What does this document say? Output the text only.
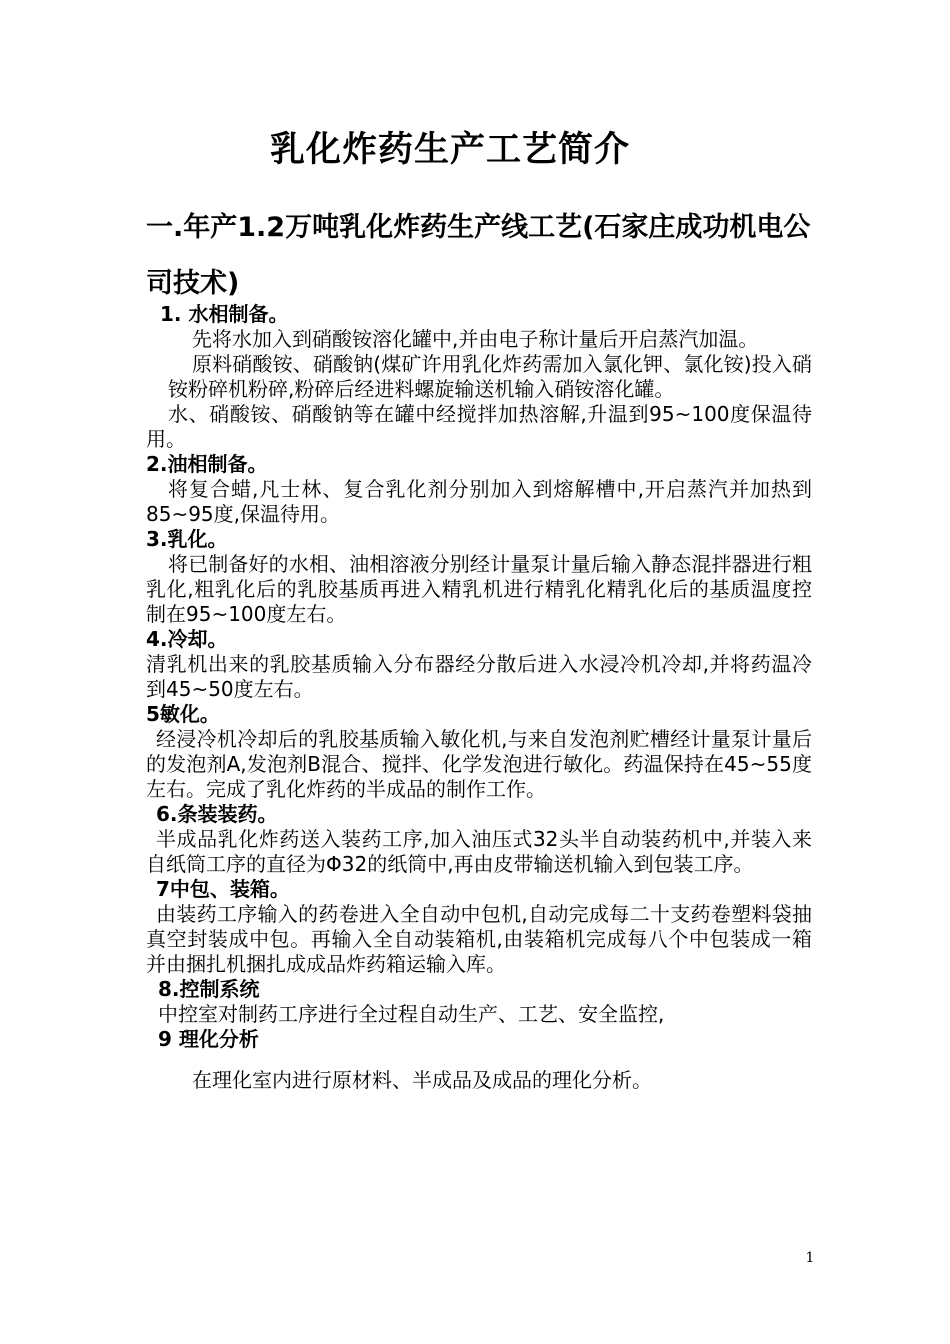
乳化炸药生产工艺简介
一.年产1.2万吨乳化炸药生产线工艺(石家庄成功机电公司技术)

1. 水相制备。

先将水加入到硝酸铵溶化罐中,并由电子称计量后开启蒸汽加温。

原料硝酸铵、硝酸钠(煤矿许用乳化炸药需加入氯化钾、氯化铵)投入硝铵粉碎机粉碎,粉碎后经进料螺旋输送机输入硝铵溶化罐。

水、硝酸铵、硝酸钠等在罐中经搅拌加热溶解,升温到95~100度保温待用。

2.油相制备。

将复合蜡,凡士林、复合乳化剂分别加入到熔解槽中,开启蒸汽并加热到85~95度,保温待用。

3.乳化。

将已制备好的水相、油相溶液分别经计量泵计量后输入静态混拌器进行粗乳化,粗乳化后的乳胶基质再进入精乳机进行精乳化精乳化后的基质温度控制在95~100度左右。

4.冷却。

清乳机出来的乳胶基质输入分布器经分散后进入水浸冷机冷却,并将药温冷到45~50度左右。

5敏化。

经浸冷机冷却后的乳胶基质输入敏化机,与来自发泡剂贮槽经计量泵计量后的发泡剂A,发泡剂B混合、搅拌、化学发泡进行敏化。药温保持在45~55度左右。完成了乳化炸药的半成品的制作工作。

6.条装装药。

半成品乳化炸药送入装药工序,加入油压式32头半自动装药机中,并装入来自纸筒工序的直径为Φ32的纸筒中,再由皮带输送机输入到包装工序。

7中包、装箱。

由装药工序输入的药卷进入全自动中包机,自动完成每二十支药卷塑料袋抽真空封装成中包。再输入全自动装箱机,由装箱机完成每八个中包装成一箱并由捆扎机捆扎成成品炸药箱运输入库。

8.控制系统

中控室对制药工序进行全过程自动生产、工艺、安全监控,

9 理化分析

在理化室内进行原材料、半成品及成品的理化分析。

1
